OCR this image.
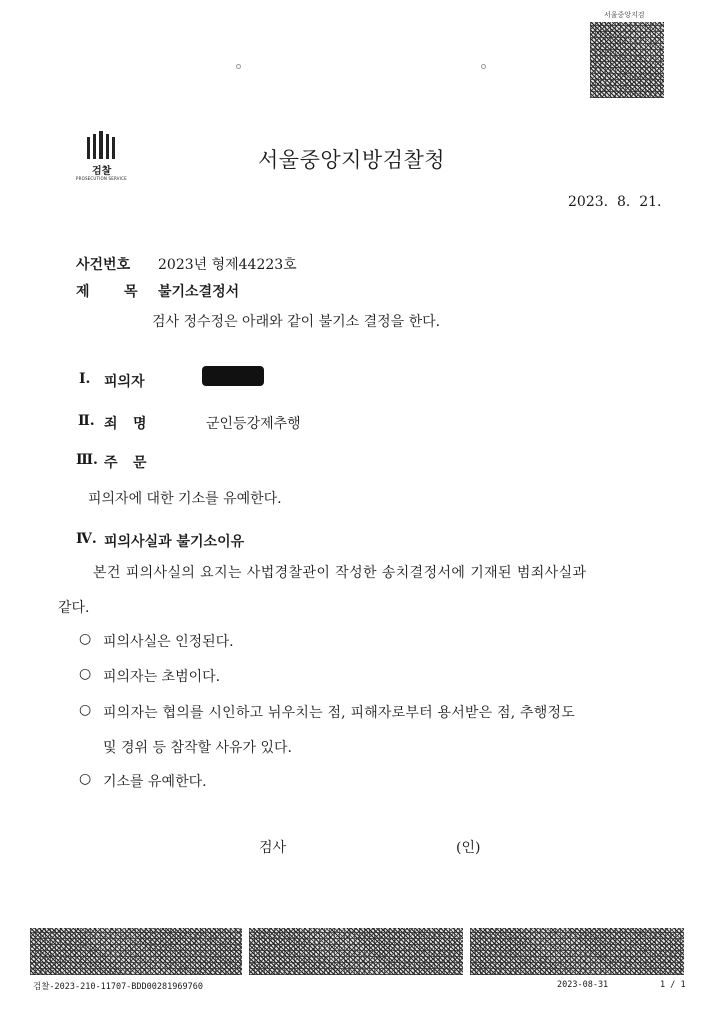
서울중앙지검
검찰
PROSECUTION SERVICE
서울중앙지방검찰청
2023.  8.  21.
사건번호 2023년 형제44223호
제 목 불기소결정서
검사 정수정은 아래와 같이 불기소 결정을 한다.
Ⅰ. 피의자
Ⅱ. 죄 명	군인등강제추행
Ⅲ. 주 문
피의자에 대한 기소를 유예한다.
Ⅳ. 피의사실과 불기소이유
본건 피의사실의 요지는 사법경찰관이 작성한 송치결정서에 기재된 범죄사실과
같다.
○ 피의사실은 인정된다.
○ 피의자는 초범이다.
○ 피의자는 협의를 시인하고 뉘우치는 점, 피해자로부터 용서받은 점, 추행정도
및 경위 등 참작할 사유가 있다.
○ 기소를 유예한다.
검사	(인)
검찰-2023-210-11707-BDD00281969760	2023-08-31	1 / 1
